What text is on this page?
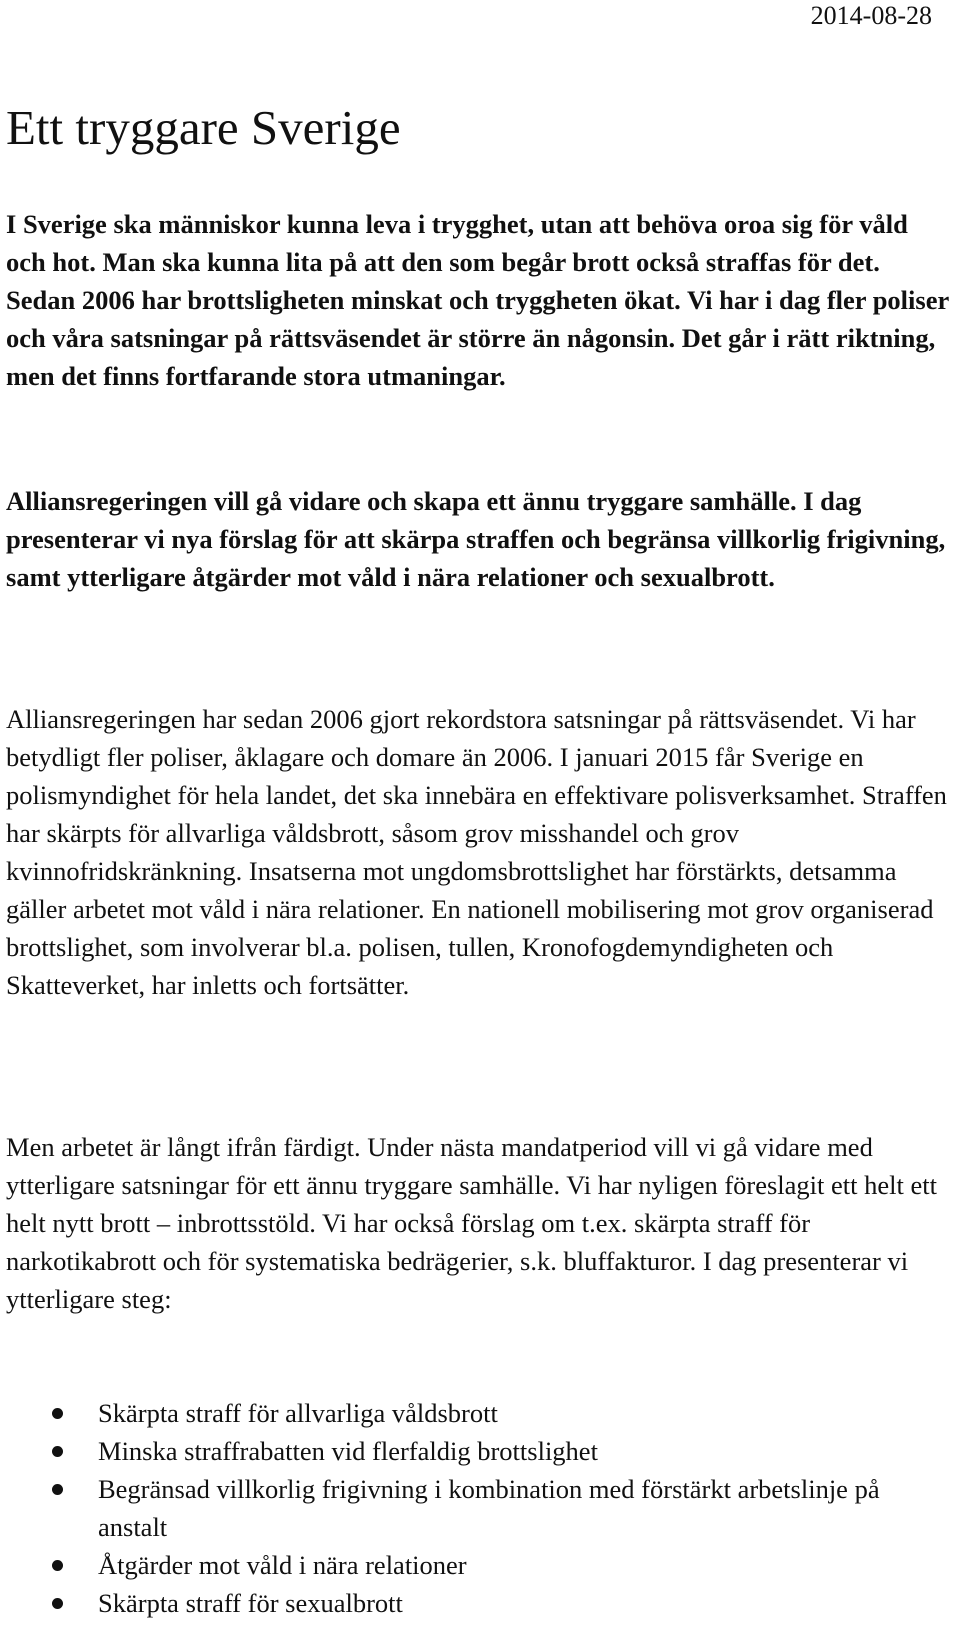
2014-08-28
Ett tryggare Sverige

I Sverige ska människor kunna leva i trygghet, utan att behöva oroa sig för våld och hot. Man ska kunna lita på att den som begår brott också straffas för det. Sedan 2006 har brottsligheten minskat och tryggheten ökat. Vi har i dag fler poliser och våra satsningar på rättsväsendet är större än någonsin. Det går i rätt riktning, men det finns fortfarande stora utmaningar.

Alliansregeringen vill gå vidare och skapa ett ännu tryggare samhälle. I dag presenterar vi nya förslag för att skärpa straffen och begränsa villkorlig frigivning, samt ytterligare åtgärder mot våld i nära relationer och sexualbrott.

Alliansregeringen har sedan 2006 gjort rekordstora satsningar på rättsväsendet. Vi har betydligt fler poliser, åklagare och domare än 2006. I januari 2015 får Sverige en polismyndighet för hela landet, det ska innebära en effektivare polisverksamhet. Straffen har skärpts för allvarliga våldsbrott, såsom grov misshandel och grov kvinnofridskränkning. Insatserna mot ungdomsbrottslighet har förstärkts, detsamma gäller arbetet mot våld i nära relationer. En nationell mobilisering mot grov organiserad brottslighet, som involverar bl.a. polisen, tullen, Kronofogdemyndigheten och Skatteverket, har inletts och fortsätter.

Men arbetet är långt ifrån färdigt. Under nästa mandatperiod vill vi gå vidare med ytterligare satsningar för ett ännu tryggare samhälle. Vi har nyligen föreslagit ett helt ett helt nytt brott – inbrottsstöld. Vi har också förslag om t.ex. skärpta straff för narkotikabrott och för systematiska bedrägerier, s.k. bluffakturor. I dag presenterar vi ytterligare steg:

Skärpta straff för allvarliga våldsbrott
Minska straffrabatten vid flerfaldig brottslighet
Begränsad villkorlig frigivning i kombination med förstärkt arbetslinje på anstalt
Åtgärder mot våld i nära relationer
Skärpta straff för sexualbrott
